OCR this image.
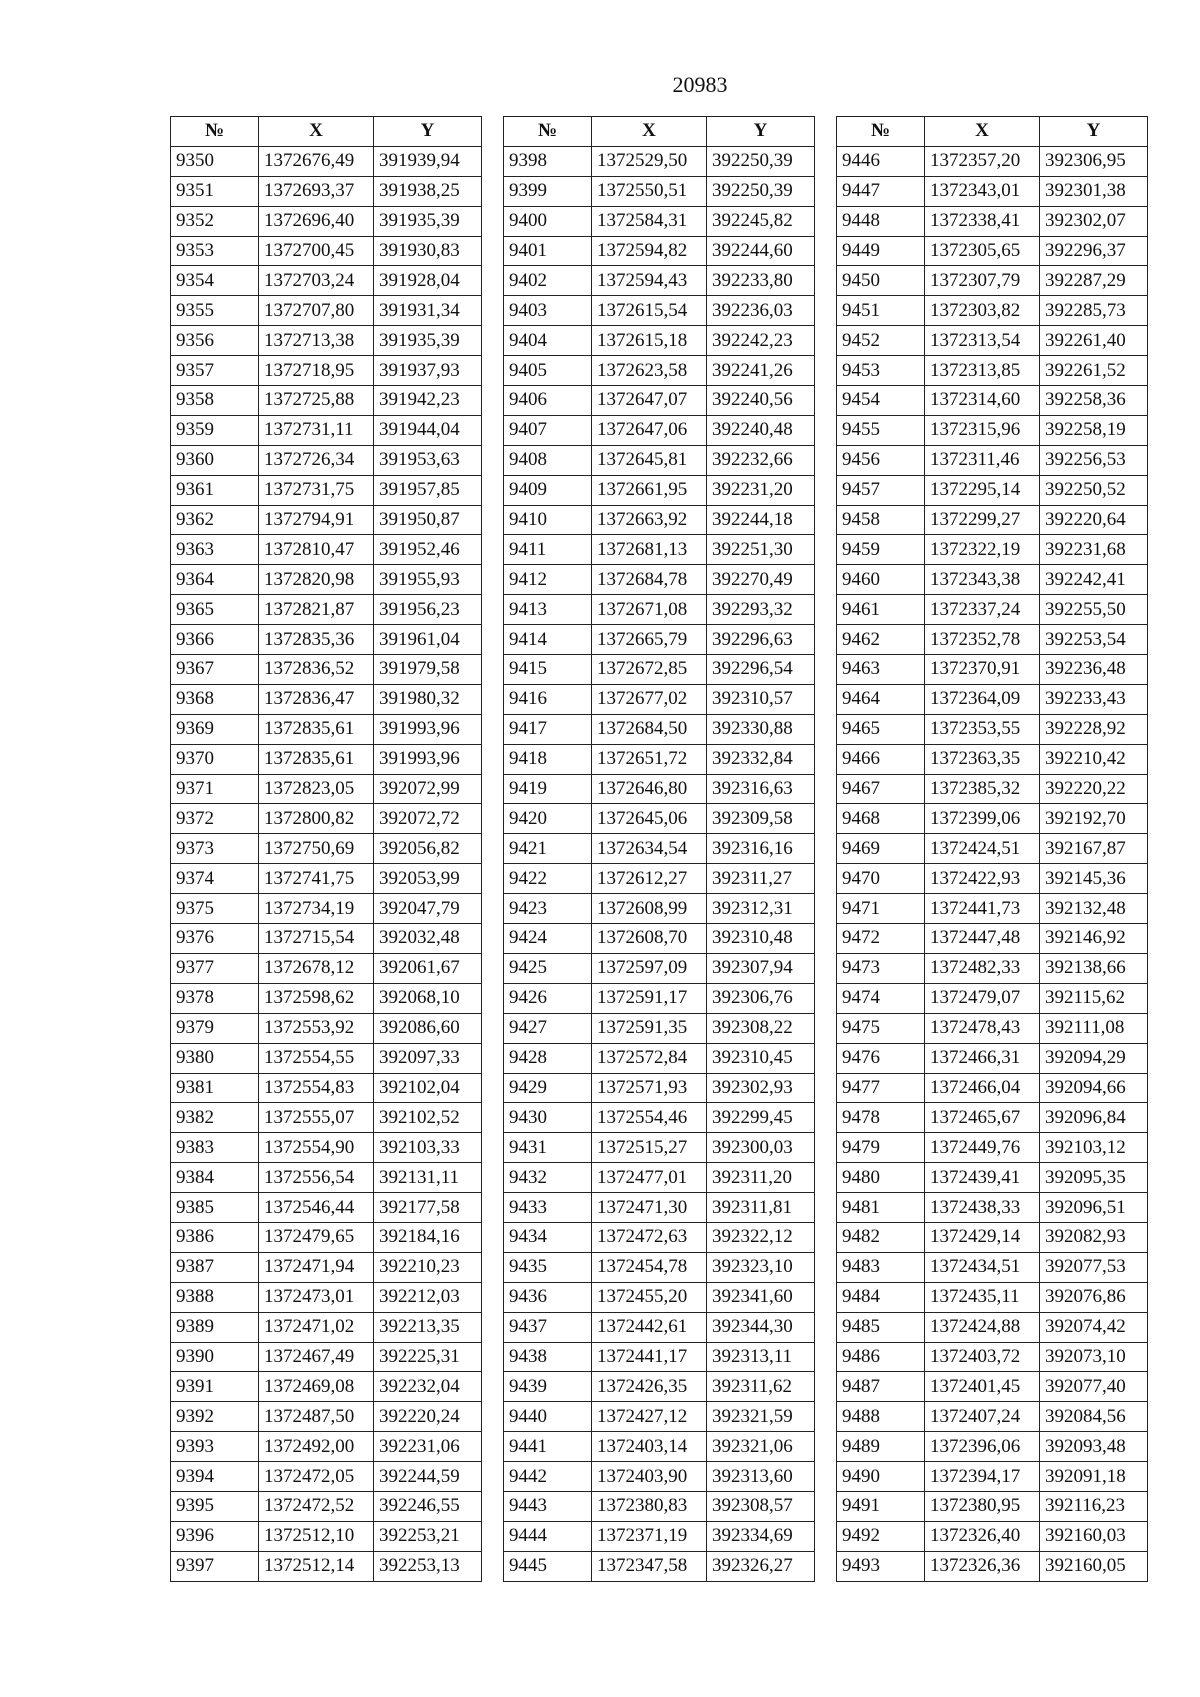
20983
№	X	Y
9350	1372676,49	391939,94
9351	1372693,37	391938,25
9352	1372696,40	391935,39
9353	1372700,45	391930,83
9354	1372703,24	391928,04
9355	1372707,80	391931,34
9356	1372713,38	391935,39
9357	1372718,95	391937,93
9358	1372725,88	391942,23
9359	1372731,11	391944,04
9360	1372726,34	391953,63
9361	1372731,75	391957,85
9362	1372794,91	391950,87
9363	1372810,47	391952,46
9364	1372820,98	391955,93
9365	1372821,87	391956,23
9366	1372835,36	391961,04
9367	1372836,52	391979,58
9368	1372836,47	391980,32
9369	1372835,61	391993,96
9370	1372835,61	391993,96
9371	1372823,05	392072,99
9372	1372800,82	392072,72
9373	1372750,69	392056,82
9374	1372741,75	392053,99
9375	1372734,19	392047,79
9376	1372715,54	392032,48
9377	1372678,12	392061,67
9378	1372598,62	392068,10
9379	1372553,92	392086,60
9380	1372554,55	392097,33
9381	1372554,83	392102,04
9382	1372555,07	392102,52
9383	1372554,90	392103,33
9384	1372556,54	392131,11
9385	1372546,44	392177,58
9386	1372479,65	392184,16
9387	1372471,94	392210,23
9388	1372473,01	392212,03
9389	1372471,02	392213,35
9390	1372467,49	392225,31
9391	1372469,08	392232,04
9392	1372487,50	392220,24
9393	1372492,00	392231,06
9394	1372472,05	392244,59
9395	1372472,52	392246,55
9396	1372512,10	392253,21
9397	1372512,14	392253,13
№	X	Y
9398	1372529,50	392250,39
9399	1372550,51	392250,39
9400	1372584,31	392245,82
9401	1372594,82	392244,60
9402	1372594,43	392233,80
9403	1372615,54	392236,03
9404	1372615,18	392242,23
9405	1372623,58	392241,26
9406	1372647,07	392240,56
9407	1372647,06	392240,48
9408	1372645,81	392232,66
9409	1372661,95	392231,20
9410	1372663,92	392244,18
9411	1372681,13	392251,30
9412	1372684,78	392270,49
9413	1372671,08	392293,32
9414	1372665,79	392296,63
9415	1372672,85	392296,54
9416	1372677,02	392310,57
9417	1372684,50	392330,88
9418	1372651,72	392332,84
9419	1372646,80	392316,63
9420	1372645,06	392309,58
9421	1372634,54	392316,16
9422	1372612,27	392311,27
9423	1372608,99	392312,31
9424	1372608,70	392310,48
9425	1372597,09	392307,94
9426	1372591,17	392306,76
9427	1372591,35	392308,22
9428	1372572,84	392310,45
9429	1372571,93	392302,93
9430	1372554,46	392299,45
9431	1372515,27	392300,03
9432	1372477,01	392311,20
9433	1372471,30	392311,81
9434	1372472,63	392322,12
9435	1372454,78	392323,10
9436	1372455,20	392341,60
9437	1372442,61	392344,30
9438	1372441,17	392313,11
9439	1372426,35	392311,62
9440	1372427,12	392321,59
9441	1372403,14	392321,06
9442	1372403,90	392313,60
9443	1372380,83	392308,57
9444	1372371,19	392334,69
9445	1372347,58	392326,27
№	X	Y
9446	1372357,20	392306,95
9447	1372343,01	392301,38
9448	1372338,41	392302,07
9449	1372305,65	392296,37
9450	1372307,79	392287,29
9451	1372303,82	392285,73
9452	1372313,54	392261,40
9453	1372313,85	392261,52
9454	1372314,60	392258,36
9455	1372315,96	392258,19
9456	1372311,46	392256,53
9457	1372295,14	392250,52
9458	1372299,27	392220,64
9459	1372322,19	392231,68
9460	1372343,38	392242,41
9461	1372337,24	392255,50
9462	1372352,78	392253,54
9463	1372370,91	392236,48
9464	1372364,09	392233,43
9465	1372353,55	392228,92
9466	1372363,35	392210,42
9467	1372385,32	392220,22
9468	1372399,06	392192,70
9469	1372424,51	392167,87
9470	1372422,93	392145,36
9471	1372441,73	392132,48
9472	1372447,48	392146,92
9473	1372482,33	392138,66
9474	1372479,07	392115,62
9475	1372478,43	392111,08
9476	1372466,31	392094,29
9477	1372466,04	392094,66
9478	1372465,67	392096,84
9479	1372449,76	392103,12
9480	1372439,41	392095,35
9481	1372438,33	392096,51
9482	1372429,14	392082,93
9483	1372434,51	392077,53
9484	1372435,11	392076,86
9485	1372424,88	392074,42
9486	1372403,72	392073,10
9487	1372401,45	392077,40
9488	1372407,24	392084,56
9489	1372396,06	392093,48
9490	1372394,17	392091,18
9491	1372380,95	392116,23
9492	1372326,40	392160,03
9493	1372326,36	392160,05
